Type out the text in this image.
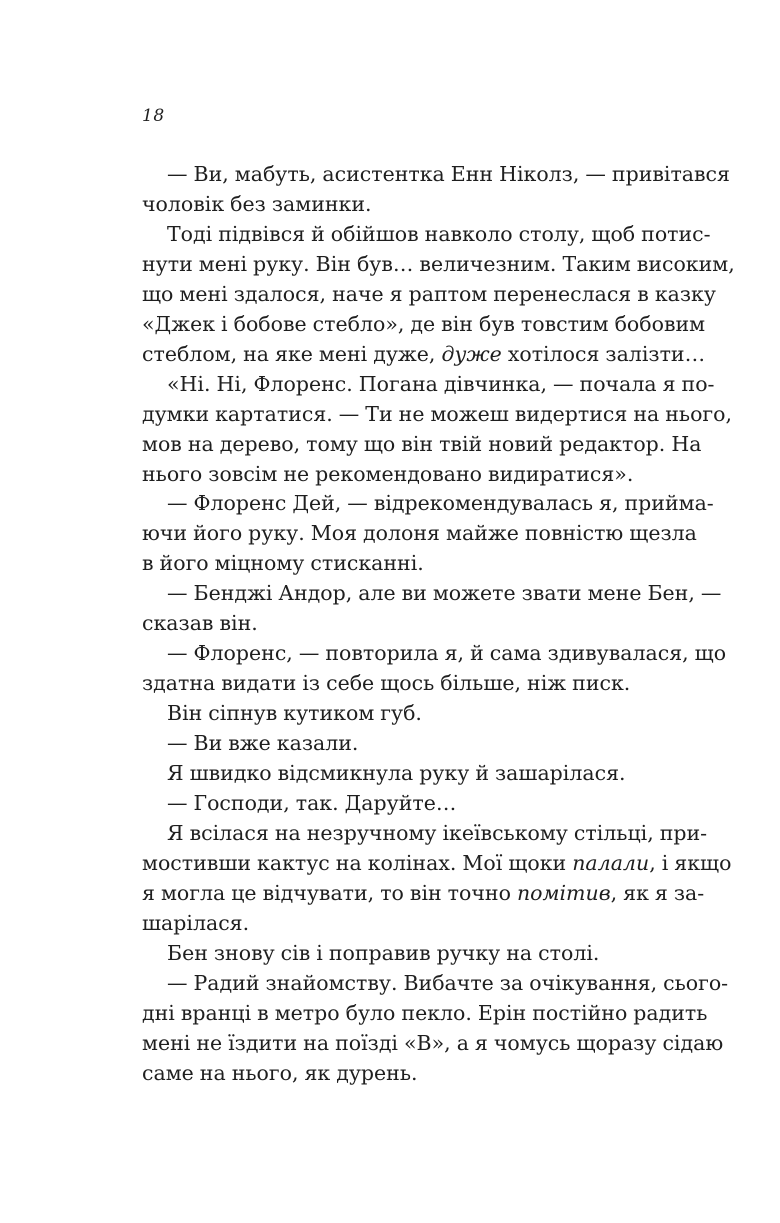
18

— Ви, мабуть, асистентка Енн Ніколз, — привітався
чоловік без заминки.

Тоді підвівся й обійшов навколо столу, щоб потис-
нути мені руку. Він був… величезним. Таким високим,
що мені здалося, наче я раптом перенеслася в казку
«Джек і бобове стебло», де він був товстим бобовим
стеблом, на яке мені дуже, дуже хотілося залізти…

«Ні. Ні, Флоренс. Погана дівчинка, — почала я по-
думки картатися. — Ти не можеш видертися на нього,
мов на дерево, тому що він твій новий редактор. На
нього зовсім не рекомендовано видиратися».

— Флоренс Дей, — відрекомендувалась я, прийма-
ючи його руку. Моя долоня майже повністю щезла
в його міцному стисканні.

— Бенджі Андор, але ви можете звати мене Бен, —
сказав він.

— Флоренс, — повторила я, й сама здивувалася, що
здатна видати із себе щось більше, ніж писк.

Він сіпнув кутиком губ.

— Ви вже казали.

Я швидко відсмикнула руку й зашарілася.

— Господи, так. Даруйте…

Я всілася на незручному ікеївському стільці, при-
мостивши кактус на колінах. Мої щоки палали, і якщо
я могла це відчувати, то він точно помітив, як я за-
шарілася.

Бен знову сів і поправив ручку на столі.

— Радий знайомству. Вибачте за очікування, сього-
дні вранці в метро було пекло. Ерін постійно радить
мені не їздити на поїзді «В», а я чомусь щоразу сідаю
саме на нього, як дурень.
